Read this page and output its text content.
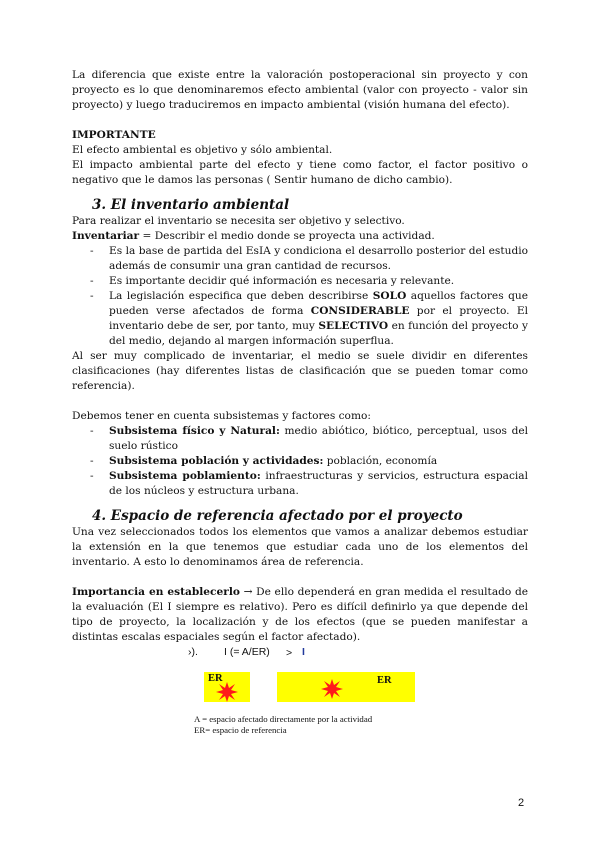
La diferencia que existe entre la valoración postoperacional sin proyecto y con proyecto es lo que denominaremos efecto ambiental (valor con proyecto - valor sin proyecto) y luego traduciremos en impacto ambiental (visión humana del efecto).

IMPORTANTE

El efecto ambiental es objetivo y sólo ambiental.

El impacto ambiental parte del efecto y tiene como factor, el factor positivo o negativo que le damos las personas ( Sentir humano de dicho cambio).

3. El inventario ambiental

Para realizar el inventario se necesita ser objetivo y selectivo.

Inventariar = Describir el medio donde se proyecta una actividad.

- Es la base de partida del EsIA y condiciona el desarrollo posterior del estudio además de consumir una gran cantidad de recursos.
- Es importante decidir qué información es necesaria y relevante.
- La legislación especifica que deben describirse SOLO aquellos factores que pueden verse afectados de forma CONSIDERABLE por el proyecto. El inventario debe de ser, por tanto, muy SELECTIVO en función del proyecto y del medio, dejando al margen información superflua.

Al ser muy complicado de inventariar, el medio se suele dividir en diferentes clasificaciones (hay diferentes listas de clasificación que se pueden tomar como referencia).

Debemos tener en cuenta subsistemas y factores como:

- Subsistema físico y Natural: medio abiótico, biótico, perceptual, usos del suelo rústico
- Subsistema población y actividades: población, economía
- Subsistema poblamiento: infraestructuras y servicios, estructura espacial de los núcleos y estructura urbana.
4. Espacio de referencia afectado por el proyecto

Una vez seleccionados todos los elementos que vamos a analizar debemos estudiar la extensión en la que tenemos que estudiar cada uno de los elementos del inventario. A esto lo denominamos área de referencia.

Importancia en establecerlo → De ello dependerá en gran medida el resultado de la evaluación (El I siempre es relativo). Pero es difícil definirlo ya que depende del tipo de proyecto, la localización y de los efectos (que se pueden manifestar a distintas escalas espaciales según el factor afectado).

›). I (= A/ER) > I
ER	ER
A = espacio afectado directamente por la actividad
ER= espacio de referencia
2
